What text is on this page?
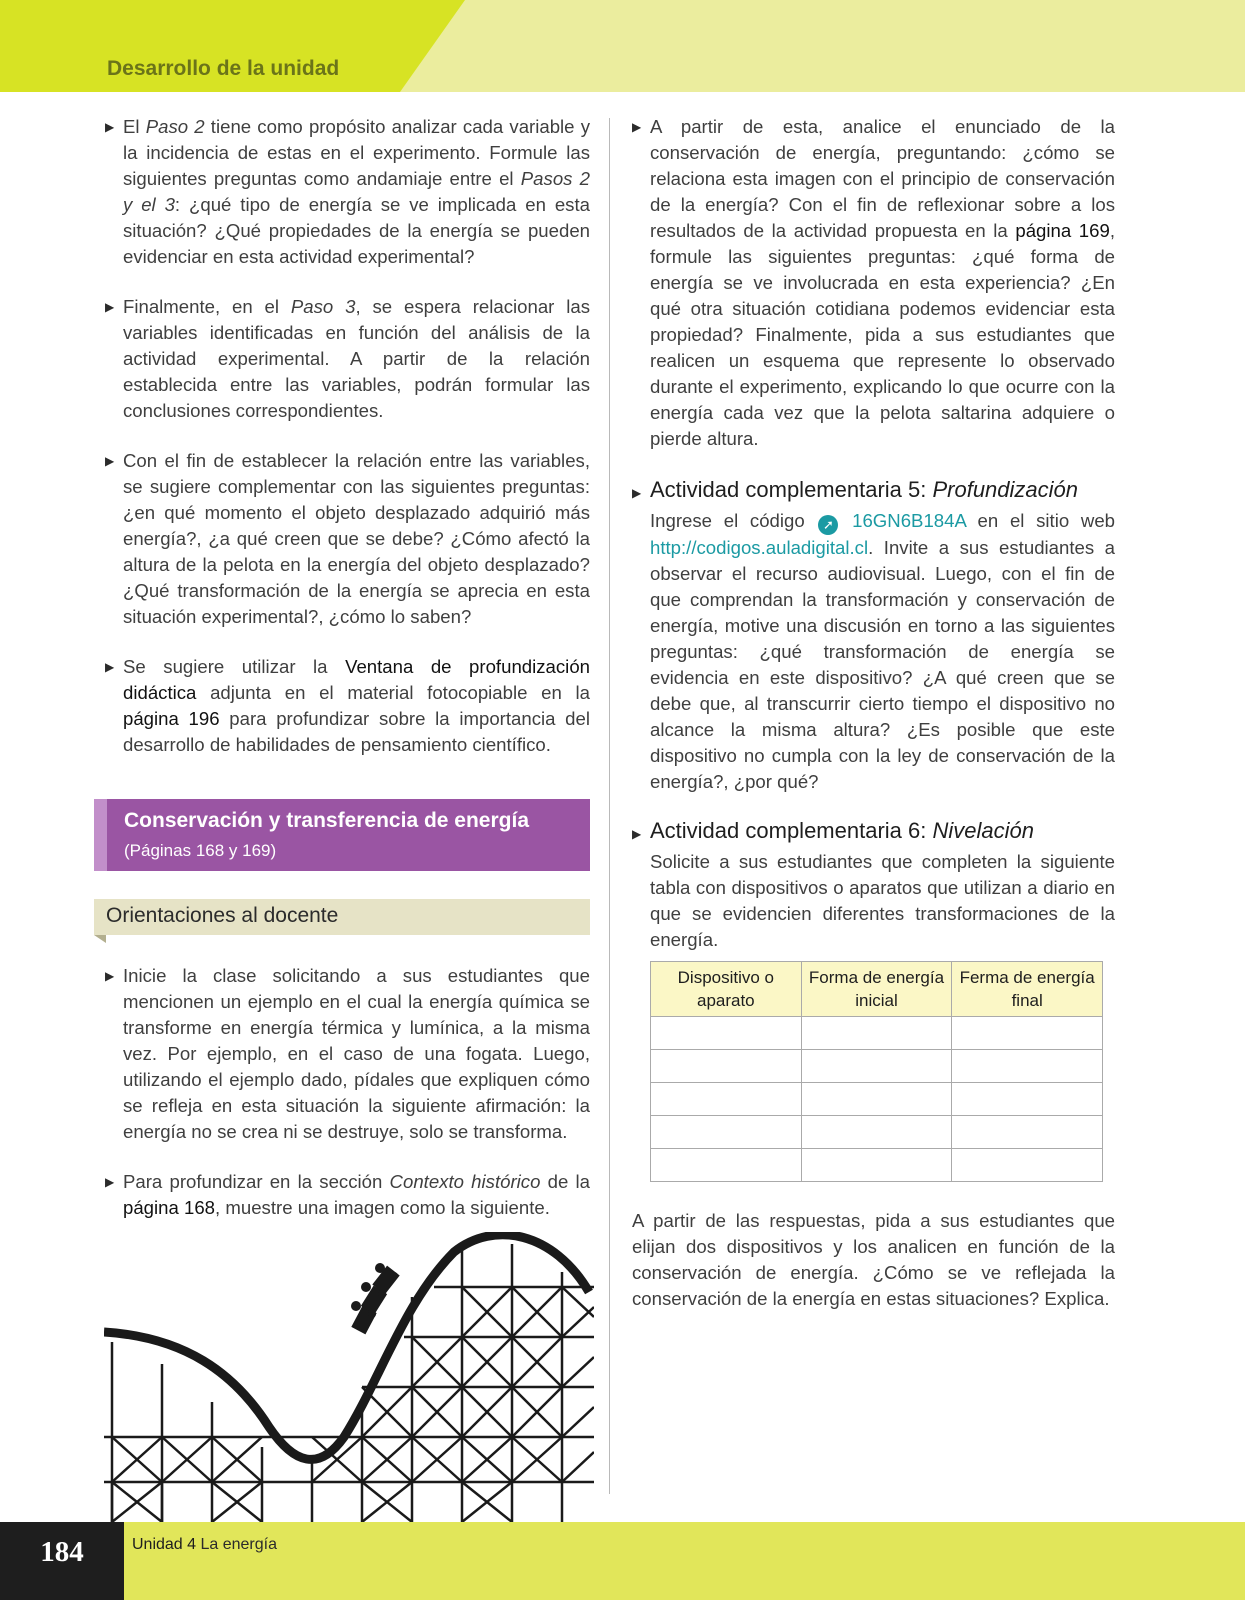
Desarrollo de la unidad
▶ El Paso 2 tiene como propósito analizar cada variable y la incidencia de estas en el experimento. Formule las siguientes preguntas como andamiaje entre el Pasos 2 y el 3: ¿qué tipo de energía se ve implicada en esta situación? ¿Qué propiedades de la energía se pueden evidenciar en esta actividad experimental?

▶ Finalmente, en el Paso 3, se espera relacionar las variables identificadas en función del análisis de la actividad experimental. A partir de la relación establecida entre las variables, podrán formular las conclusiones correspondientes.

▶ Con el fin de establecer la relación entre las variables, se sugiere complementar con las siguientes preguntas: ¿en qué momento el objeto desplazado adquirió más energía?, ¿a qué creen que se debe? ¿Cómo afectó la altura de la pelota en la energía del objeto desplazado? ¿Qué transformación de la energía se aprecia en esta situación experimental?, ¿cómo lo saben?

▶ Se sugiere utilizar la Ventana de profundización didáctica adjunta en el material fotocopiable en la página 196 para profundizar sobre la importancia del desarrollo de habilidades de pensamiento científico.

Conservación y transferencia de energía
(Páginas 168 y 169)
Orientaciones al docente
▶ Inicie la clase solicitando a sus estudiantes que mencionen un ejemplo en el cual la energía química se transforme en energía térmica y lumínica, a la misma vez. Por ejemplo, en el caso de una fogata. Luego, utilizando el ejemplo dado, pídales que expliquen cómo se refleja en esta situación la siguiente afirmación: la energía no se crea ni se destruye, solo se transforma.

▶ Para profundizar en la sección Contexto histórico de la página 168, muestre una imagen como la siguiente.

▶ A partir de esta, analice el enunciado de la conservación de energía, preguntando: ¿cómo se relaciona esta imagen con el principio de conservación de la energía? Con el fin de reflexionar sobre a los resultados de la actividad propuesta en la página 169, formule las siguientes preguntas: ¿qué forma de energía se ve involucrada en esta experiencia? ¿En qué otra situación cotidiana podemos evidenciar esta propiedad? Finalmente, pida a sus estudiantes que realicen un esquema que represente lo observado durante el experimento, explicando lo que ocurre con la energía cada vez que la pelota saltarina adquiere o pierde altura.

▶ Actividad complementaria 5: Profundización

Ingrese el código ➚ 16GN6B184A en el sitio web http://codigos.auladigital.cl. Invite a sus estudiantes a observar el recurso audiovisual. Luego, con el fin de que comprendan la transformación y conservación de energía, motive una discusión en torno a las siguientes preguntas: ¿qué transformación de energía se evidencia en este dispositivo? ¿A qué creen que se debe que, al transcurrir cierto tiempo el dispositivo no alcance la misma altura? ¿Es posible que este dispositivo no cumpla con la ley de conservación de la energía?, ¿por qué?

▶ Actividad complementaria 6: Nivelación

Solicite a sus estudiantes que completen la siguiente tabla con dispositivos o aparatos que utilizan a diario en que se evidencien diferentes transformaciones de la energía.

Dispositivo o aparato	Forma de energía inicial	Ferma de energía final

A partir de las respuestas, pida a sus estudiantes que elijan dos dispositivos y los analicen en función de la conservación de energía. ¿Cómo se ve reflejada la conservación de la energía en estas situaciones? Explica.

184	Unidad 4 La energía
